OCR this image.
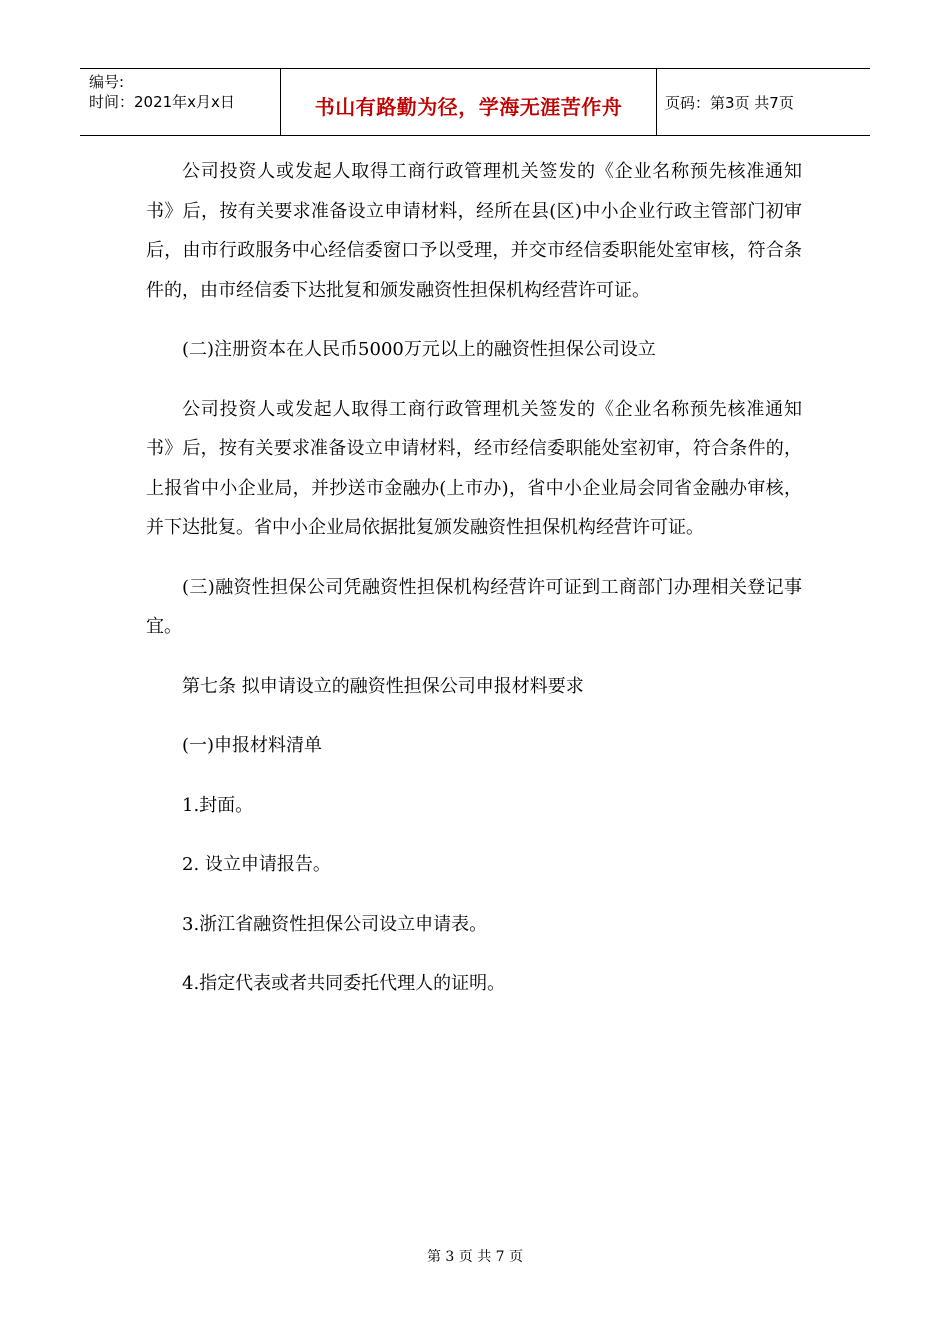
编号:
时间：2021年x月x日	书山有路勤为径，学海无涯苦作舟	页码：第3页 共7页

公司投资人或发起人取得工商行政管理机关签发的《企业名称预先核准通知书》后，按有关要求准备设立申请材料，经所在县(区)中小企业行政主管部门初审后，由市行政服务中心经信委窗口予以受理，并交市经信委职能处室审核，符合条件的，由市经信委下达批复和颁发融资性担保机构经营许可证。

(二)注册资本在人民币5000万元以上的融资性担保公司设立

公司投资人或发起人取得工商行政管理机关签发的《企业名称预先核准通知书》后，按有关要求准备设立申请材料，经市经信委职能处室初审，符合条件的，上报省中小企业局，并抄送市金融办(上市办)，省中小企业局会同省金融办审核，并下达批复。省中小企业局依据批复颁发融资性担保机构经营许可证。

(三)融资性担保公司凭融资性担保机构经营许可证到工商部门办理相关登记事宜。

第七条 拟申请设立的融资性担保公司申报材料要求

(一)申报材料清单

1.封面。

2. 设立申请报告。

3.浙江省融资性担保公司设立申请表。

4.指定代表或者共同委托代理人的证明。

第 3 页 共 7 页
